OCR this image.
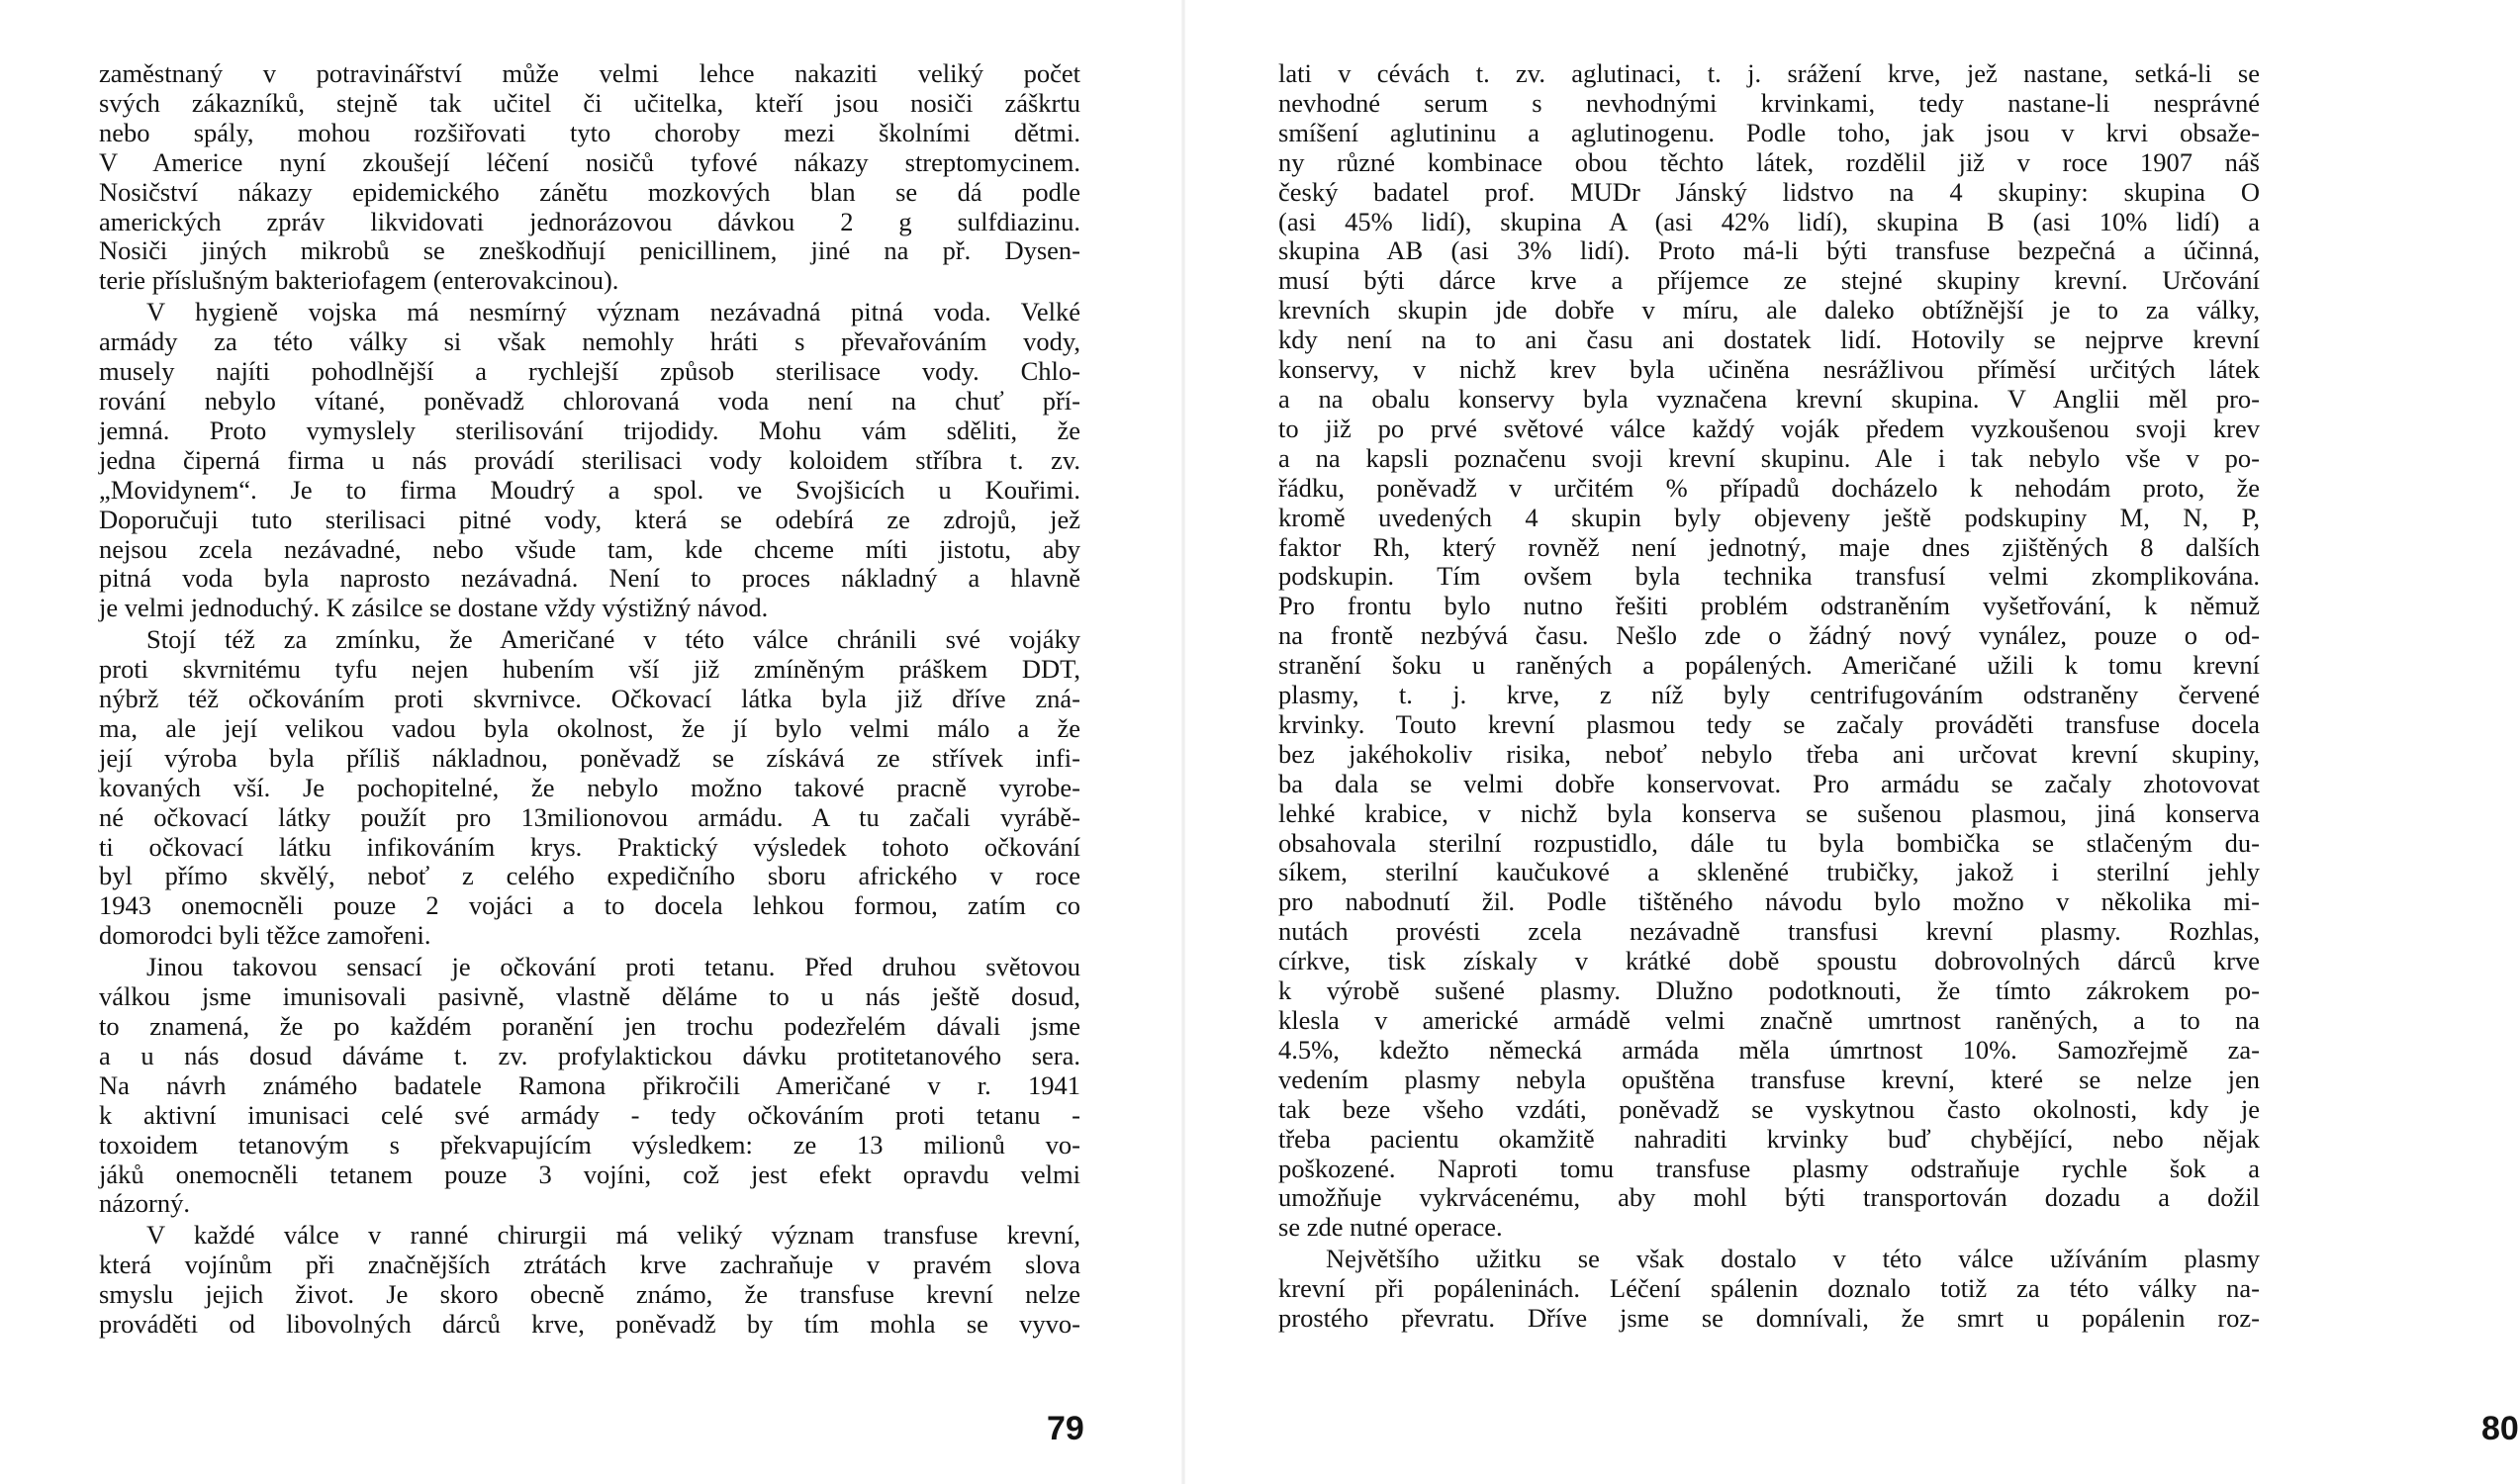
zaměstnaný v potravinářství může velmi lehce nakaziti veliký počet
svých zákazníků, stejně tak učitel či učitelka, kteří jsou nosiči záškrtu
nebo spály, mohou rozšiřovati tyto choroby mezi školními dětmi.
V Americe nyní zkoušejí léčení nosičů tyfové nákazy streptomycinem.
Nosičství nákazy epidemického zánětu mozkových blan se dá podle
amerických zpráv likvidovati jednorázovou dávkou 2 g sulfdiazinu.
Nosiči jiných mikrobů se zneškodňují penicillinem, jiné na př. Dysen-
terie příslušným bakteriofagem (enterovakcinou).

V hygieně vojska má nesmírný význam nezávadná pitná voda. Velké
armády za této války si však nemohly hráti s převařováním vody,
musely najíti pohodlnější a rychlejší způsob sterilisace vody. Chlo-
rování nebylo vítané, poněvadž chlorovaná voda není na chuť pří-
jemná. Proto vymyslely sterilisování trijodidy. Mohu vám sděliti, že
jedna čiperná firma u nás provádí sterilisaci vody koloidem stříbra t. zv.
„Movidynem“. Je to firma Moudrý a spol. ve Svojšicích u Kouřimi.
Doporučuji tuto sterilisaci pitné vody, která se odebírá ze zdrojů, jež
nejsou zcela nezávadné, nebo všude tam, kde chceme míti jistotu, aby
pitná voda byla naprosto nezávadná. Není to proces nákladný a hlavně
je velmi jednoduchý. K zásilce se dostane vždy výstižný návod.

Stojí též za zmínku, že Američané v této válce chránili své vojáky
proti skvrnitému tyfu nejen hubením vší již zmíněným práškem DDT,
nýbrž též očkováním proti skvrnivce. Očkovací látka byla již dříve zná-
ma, ale její velikou vadou byla okolnost, že jí bylo velmi málo a že
její výroba byla příliš nákladnou, poněvadž se získává ze střívek infi-
kovaných vší. Je pochopitelné, že nebylo možno takové pracně vyrobe-
né očkovací látky použít pro 13milionovou armádu. A tu začali vyrábě-
ti očkovací látku infikováním krys. Praktický výsledek tohoto očkování
byl přímo skvělý, neboť z celého expedičního sboru afrického v roce
1943 onemocněli pouze 2 vojáci a to docela lehkou formou, zatím co
domorodci byli těžce zamořeni.

Jinou takovou sensací je očkování proti tetanu. Před druhou světovou
válkou jsme imunisovali pasivně, vlastně děláme to u nás ještě dosud,
to znamená, že po každém poranění jen trochu podezřelém dávali jsme
a u nás dosud dáváme t. zv. profylaktickou dávku protitetanového sera.
Na návrh známého badatele Ramona přikročili Američané v r. 1941
k aktivní imunisaci celé své armády - tedy očkováním proti tetanu -
toxoidem tetanovým s překvapujícím výsledkem: ze 13 milionů vo-
jáků onemocněli tetanem pouze 3 vojíni, což jest efekt opravdu velmi
názorný.

V každé válce v ranné chirurgii má veliký význam transfuse krevní,
která vojínům při značnějších ztrátách krve zachraňuje v pravém slova
smyslu jejich život. Je skoro obecně známo, že transfuse krevní nelze
prováděti od libovolných dárců krve, poněvadž by tím mohla se vyvo-

79

lati v cévách t. zv. aglutinaci, t. j. srážení krve, jež nastane, setká-li se
nevhodné serum s nevhodnými krvinkami, tedy nastane-li nesprávné
smíšení aglutininu a aglutinogenu. Podle toho, jak jsou v krvi obsaže-
ny různé kombinace obou těchto látek, rozdělil již v roce 1907 náš
český badatel prof. MUDr Jánský lidstvo na 4 skupiny: skupina O
(asi 45% lidí), skupina A (asi 42% lidí), skupina B (asi 10% lidí) a
skupina AB (asi 3% lidí). Proto má-li býti transfuse bezpečná a účinná,
musí býti dárce krve a příjemce ze stejné skupiny krevní. Určování
krevních skupin jde dobře v míru, ale daleko obtížnější je to za války,
kdy není na to ani času ani dostatek lidí. Hotovily se nejprve krevní
konservy, v nichž krev byla učiněna nesrážlivou příměsí určitých látek
a na obalu konservy byla vyznačena krevní skupina. V Anglii měl pro-
to již po prvé světové válce každý voják předem vyzkoušenou svoji krev
a na kapsli poznačenu svoji krevní skupinu. Ale i tak nebylo vše v po-
řádku, poněvadž v určitém % případů docházelo k nehodám proto, že
kromě uvedených 4 skupin byly objeveny ještě podskupiny M, N, P,
faktor Rh, který rovněž není jednotný, maje dnes zjištěných 8 dalších
podskupin. Tím ovšem byla technika transfusí velmi zkomplikována.
Pro frontu bylo nutno řešiti problém odstraněním vyšetřování, k němuž
na frontě nezbývá času. Nešlo zde o žádný nový vynález, pouze o od-
stranění šoku u raněných a popálených. Američané užili k tomu krevní
plasmy, t. j. krve, z níž byly centrifugováním odstraněny červené
krvinky. Touto krevní plasmou tedy se začaly prováděti transfuse docela
bez jakéhokoliv risika, neboť nebylo třeba ani určovat krevní skupiny,
ba dala se velmi dobře konservovat. Pro armádu se začaly zhotovovat
lehké krabice, v nichž byla konserva se sušenou plasmou, jiná konserva
obsahovala sterilní rozpustidlo, dále tu byla bombička se stlačeným du-
síkem, sterilní kaučukové a skleněné trubičky, jakož i sterilní jehly
pro nabodnutí žil. Podle tištěného návodu bylo možno v několika mi-
nutách provésti zcela nezávadně transfusi krevní plasmy. Rozhlas,
církve, tisk získaly v krátké době spoustu dobrovolných dárců krve
k výrobě sušené plasmy. Dlužno podotknouti, že tímto zákrokem po-
klesla v americké armádě velmi značně umrtnost raněných, a to na
4.5%, kdežto německá armáda měla úmrtnost 10%. Samozřejmě za-
vedením plasmy nebyla opuštěna transfuse krevní, které se nelze jen
tak beze všeho vzdáti, poněvadž se vyskytnou často okolnosti, kdy je
třeba pacientu okamžitě nahraditi krvinky buď chybějící, nebo nějak
poškozené. Naproti tomu transfuse plasmy odstraňuje rychle šok a
umožňuje vykrvácenému, aby mohl býti transportován dozadu a dožil
se zde nutné operace.

Největšího užitku se však dostalo v této válce užíváním plasmy
krevní při popáleninách. Léčení spálenin doznalo totiž za této války na-
prostého převratu. Dříve jsme se domnívali, že smrt u popálenin roz-

80
